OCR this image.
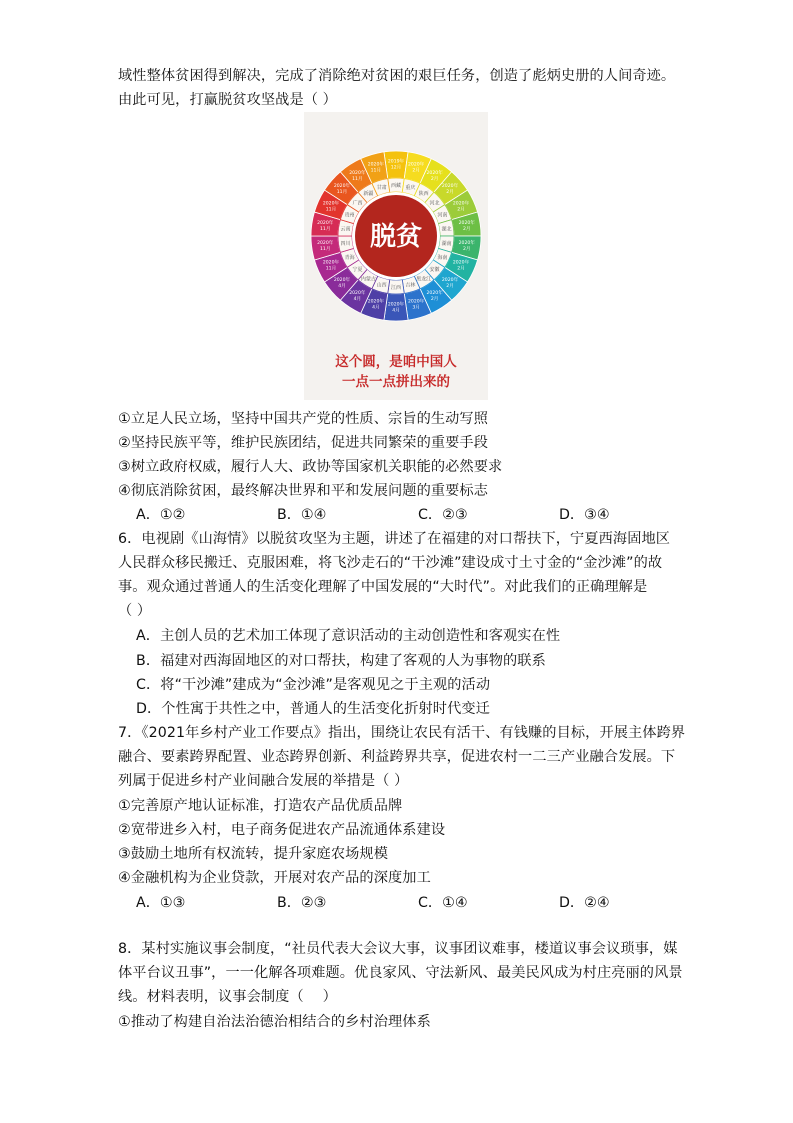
域性整体贫困得到解决，完成了消除绝对贫困的艰巨任务，创造了彪炳史册的人间奇迹。
由此可见，打赢脱贫攻坚战是（ ）
2019年
12月
西藏
2020年
2月
重庆
2020年
2月
陕西
2020年
2月
河北	2020年
2月
河南
2020年
2月
湖北
2020年
2月
湖南
2020年
2月
海南
2020年
2月
安徽
2020年
2月
黑龙江
2020年
3月
吉林
2020年
4月
江西
2020年
4月
山西
2020年
4月
内蒙古
2020年
4月
宁夏
2020年
11月
青海
2020年
11月
四川
2020年
11月 云南
2020年
11月
贵州
2020年
11月
广西
2020年
11月
新疆
2020年
11月
甘肃
脱贫
这个圆，是咱中国人
一点一点拼出来的
①立足人民立场，坚持中国共产党的性质、宗旨的生动写照
②坚持民族平等，维护民族团结，促进共同繁荣的重要手段
③树立政府权威，履行人大、政协等国家机关职能的必然要求
④彻底消除贫困，最终解决世界和平和发展问题的重要标志
A．①②	B．①④	C．②③	D．③④
6．电视剧《山海情》以脱贫攻坚为主题，讲述了在福建的对口帮扶下，宁夏西海固地区
人民群众移民搬迁、克服困难，将飞沙走石的“干沙滩”建设成寸土寸金的“金沙滩”的故
事。观众通过普通人的生活变化理解了中国发展的“大时代”。对此我们的正确理解是
（ ）
A．主创人员的艺术加工体现了意识活动的主动创造性和客观实在性
B．福建对西海固地区的对口帮扶，构建了客观的人为事物的联系
C．将“干沙滩”建成为“金沙滩”是客观见之于主观的活动
D．个性寓于共性之中，普通人的生活变化折射时代变迁
7．《2021年乡村产业工作要点》指出，围绕让农民有活干、有钱赚的目标，开展主体跨界
融合、要素跨界配置、业态跨界创新、利益跨界共享，促进农村一二三产业融合发展。下
列属于促进乡村产业间融合发展的举措是（ ）
①完善原产地认证标准，打造农产品优质品牌
②宽带进乡入村，电子商务促进农产品流通体系建设
③鼓励土地所有权流转，提升家庭农场规模
④金融机构为企业贷款，开展对农产品的深度加工
A．①③	B．②③	C．①④	D．②④
8．某村实施议事会制度，“社员代表大会议大事，议事团议难事，楼道议事会议琐事，媒
体平台议丑事”，一一化解各项难题。优良家风、守法新风、最美民风成为村庄亮丽的风景
线。材料表明，议事会制度（　 ）
①推动了构建自治法治德治相结合的乡村治理体系
